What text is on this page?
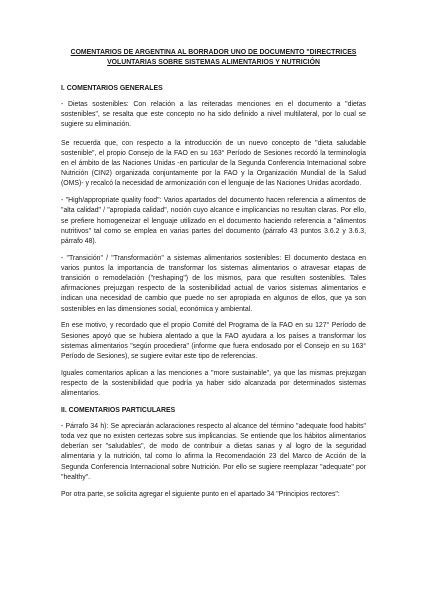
COMENTARIOS DE ARGENTINA AL BORRADOR UNO DE DOCUMENTO "DIRECTRICES
VOLUNTARIAS SOBRE SISTEMAS ALIMENTARIOS Y NUTRICIÓN
I. COMENTARIOS GENERALES

- Dietas sostenibles: Con relación a las reiteradas menciones en el documento a "dietas sostenibles", se resalta que este concepto no ha sido definido a nivel multilateral, por lo cual se sugiere su eliminación.

Se recuerda que, con respecto a la introducción de un nuevo concepto de "dieta saludable sostenible", el propio Consejo de la FAO en su 163° Período de Sesiones recordó la terminología en el ámbito de las Naciones Unidas -en particular de la Segunda Conferencia Internacional sobre Nutrición (CIN2) organizada conjuntamente por la FAO y la Organización Mundial de la Salud (OMS)- y recalcó la necesidad de armonización con el lenguaje de las Naciones Unidas acordado.

- "High/appropriate quality food": Varios apartados del documento hacen referencia a alimentos de "alta calidad" / "apropiada calidad", noción cuyo alcance e implicancias no resultan claras. Por ello, se prefiere homogeneizar el lenguaje utilizado en el documento haciendo referencia a "alimentos nutritivos" tal como se emplea en varias partes del documento (párrafo 43 puntos 3.6.2 y 3.6.3, párrafo 48).

- "Transición" / "Transformación" a sistemas alimentarios sostenibles: El documento destaca en varios puntos la importancia de transformar los sistemas alimentarios o atravesar etapas de transición o remodelación ("reshaping") de los mismos, para que resulten sostenibles. Tales afirmaciones prejuzgan respecto de la sostenibilidad actual de varios sistemas alimentarios e indican una necesidad de cambio que puede no ser apropiada en algunos de ellos, que ya son sostenibles en las dimensiones social, económica y ambiental.

En ese motivo, y recordado que el propio Comité del Programa de la FAO en su 127° Período de Sesiones apoyó que se hubiera alentado a que la FAO ayudara a los países a transformar los sistemas alimentarios "según procediera" (informe que fuera endosado por el Consejo en su 163° Período de Sesiones), se sugiere evitar este tipo de referencias.

Iguales comentarios aplican a las menciones a "more sustainable", ya que las mismas prejuzgan respecto de la sostenibilidad que podría ya haber sido alcanzada por determinados sistemas alimentarios.

II. COMENTARIOS PARTICULARES

- Párrafo 34 h): Se apreciarán aclaraciones respecto al alcance del término "adequate food habits" toda vez que no existen certezas sobre sus implicancias. Se entiende que los hábitos alimentarios deberían ser "saludables", de modo de contribuir a dietas sanas y al logro de la seguridad alimentaria y la nutrición, tal como lo afirma la Recomendación 23 del Marco de Acción de la Segunda Conferencia Internacional sobre Nutrición. Por ello se sugiere reemplazar "adequate" por "healthy".

Por otra parte, se solicita agregar el siguiente punto en el apartado 34 "Principios rectores":
